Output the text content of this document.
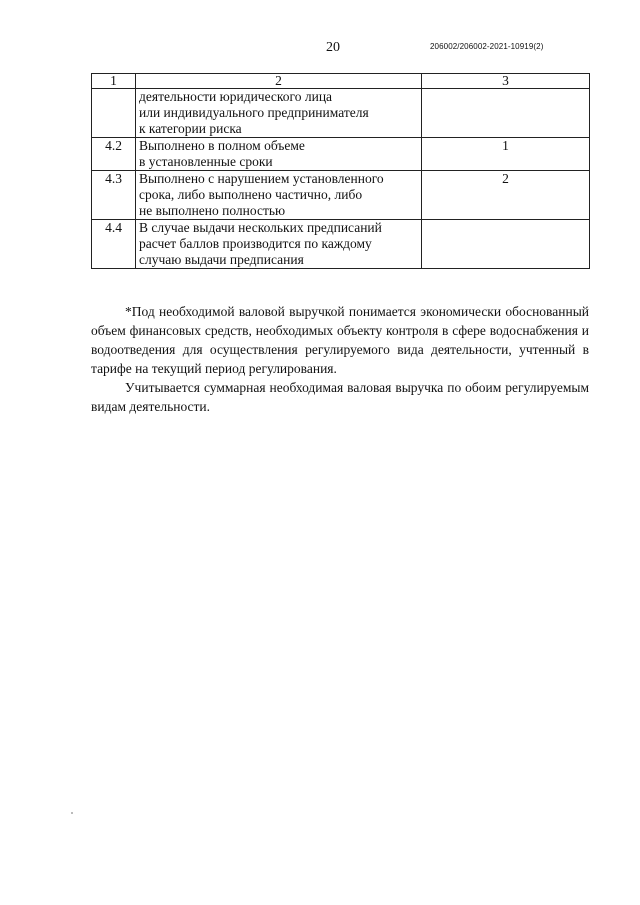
20	206002/206002-2021-10919(2)
1	2	3

	деятельности юридического лица
или индивидуального предпринимателя
к категории риска	

4.2	Выполнено в полном объеме
в установленные сроки	1
4.3	Выполнено с нарушением установленного
срока, либо выполнено частично, либо
не выполнено полностью	2
4.4	В случае выдачи нескольких предписаний
расчет баллов производится по каждому
случаю выдачи предписания	

*Под необходимой валовой выручкой понимается экономически обоснованный объем финансовых средств, необходимых объекту контроля в сфере водоснабжения и водоотведения для осуществления регулируемого вида деятельности, учтенный в тарифе на текущий период регулирования.

Учитывается суммарная необходимая валовая выручка по обоим регулируемым видам деятельности.
